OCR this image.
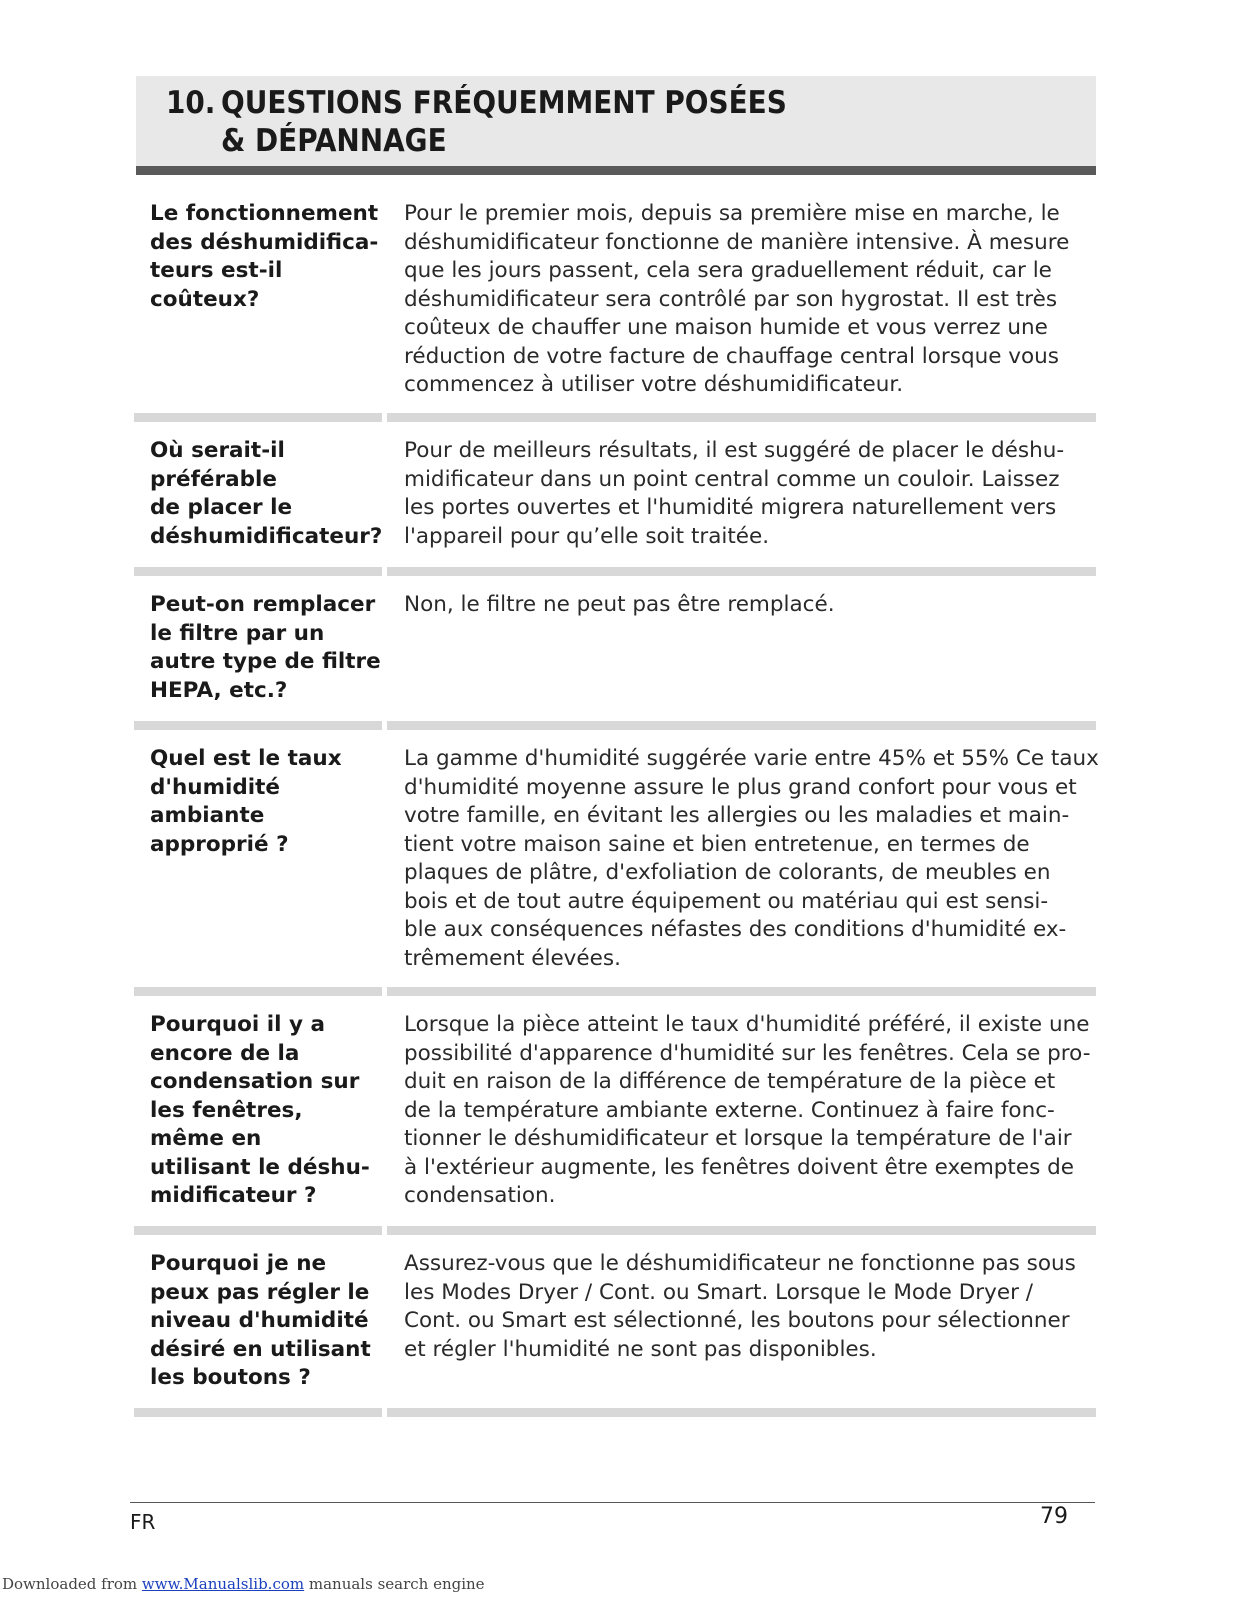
10. QUESTIONS FRÉQUEMMENT POSÉES
& DÉPANNAGE

Le fonctionnement
des déshumidifica-
teurs est-il
coûteux?

Pour le premier mois, depuis sa première mise en marche, le
déshumidificateur fonctionne de manière intensive. À mesure
que les jours passent, cela sera graduellement réduit, car le
déshumidificateur sera contrôlé par son hygrostat. Il est très
coûteux de chauffer une maison humide et vous verrez une
réduction de votre facture de chauffage central lorsque vous
commencez à utiliser votre déshumidificateur.

Où serait-il
préférable
de placer le
déshumidificateur?

Pour de meilleurs résultats, il est suggéré de placer le déshu-
midificateur dans un point central comme un couloir. Laissez
les portes ouvertes et l'humidité migrera naturellement vers
l'appareil pour qu’elle soit traitée.

Peut-on remplacer
le filtre par un
autre type de filtre
HEPA, etc.?

Non, le filtre ne peut pas être remplacé.

Quel est le taux
d'humidité
ambiante
approprié ?

La gamme d'humidité suggérée varie entre 45% et 55% Ce taux
d'humidité moyenne assure le plus grand confort pour vous et
votre famille, en évitant les allergies ou les maladies et main-
tient votre maison saine et bien entretenue, en termes de
plaques de plâtre, d'exfoliation de colorants, de meubles en
bois et de tout autre équipement ou matériau qui est sensi-
ble aux conséquences néfastes des conditions d'humidité ex-
trêmement élevées.

Pourquoi il y a
encore de la
condensation sur
les fenêtres,
même en
utilisant le déshu-
midificateur ?

Lorsque la pièce atteint le taux d'humidité préféré, il existe une
possibilité d'apparence d'humidité sur les fenêtres. Cela se pro-
duit en raison de la différence de température de la pièce et
de la température ambiante externe. Continuez à faire fonc-
tionner le déshumidificateur et lorsque la température de l'air
à l'extérieur augmente, les fenêtres doivent être exemptes de
condensation.

Pourquoi je ne
peux pas régler le
niveau d'humidité
désiré en utilisant
les boutons ?

Assurez-vous que le déshumidificateur ne fonctionne pas sous
les Modes Dryer / Cont. ou Smart. Lorsque le Mode Dryer /
Cont. ou Smart est sélectionné, les boutons pour sélectionner
et régler l'humidité ne sont pas disponibles.

FR	79
Downloaded from www.Manualslib.com manuals search engine
